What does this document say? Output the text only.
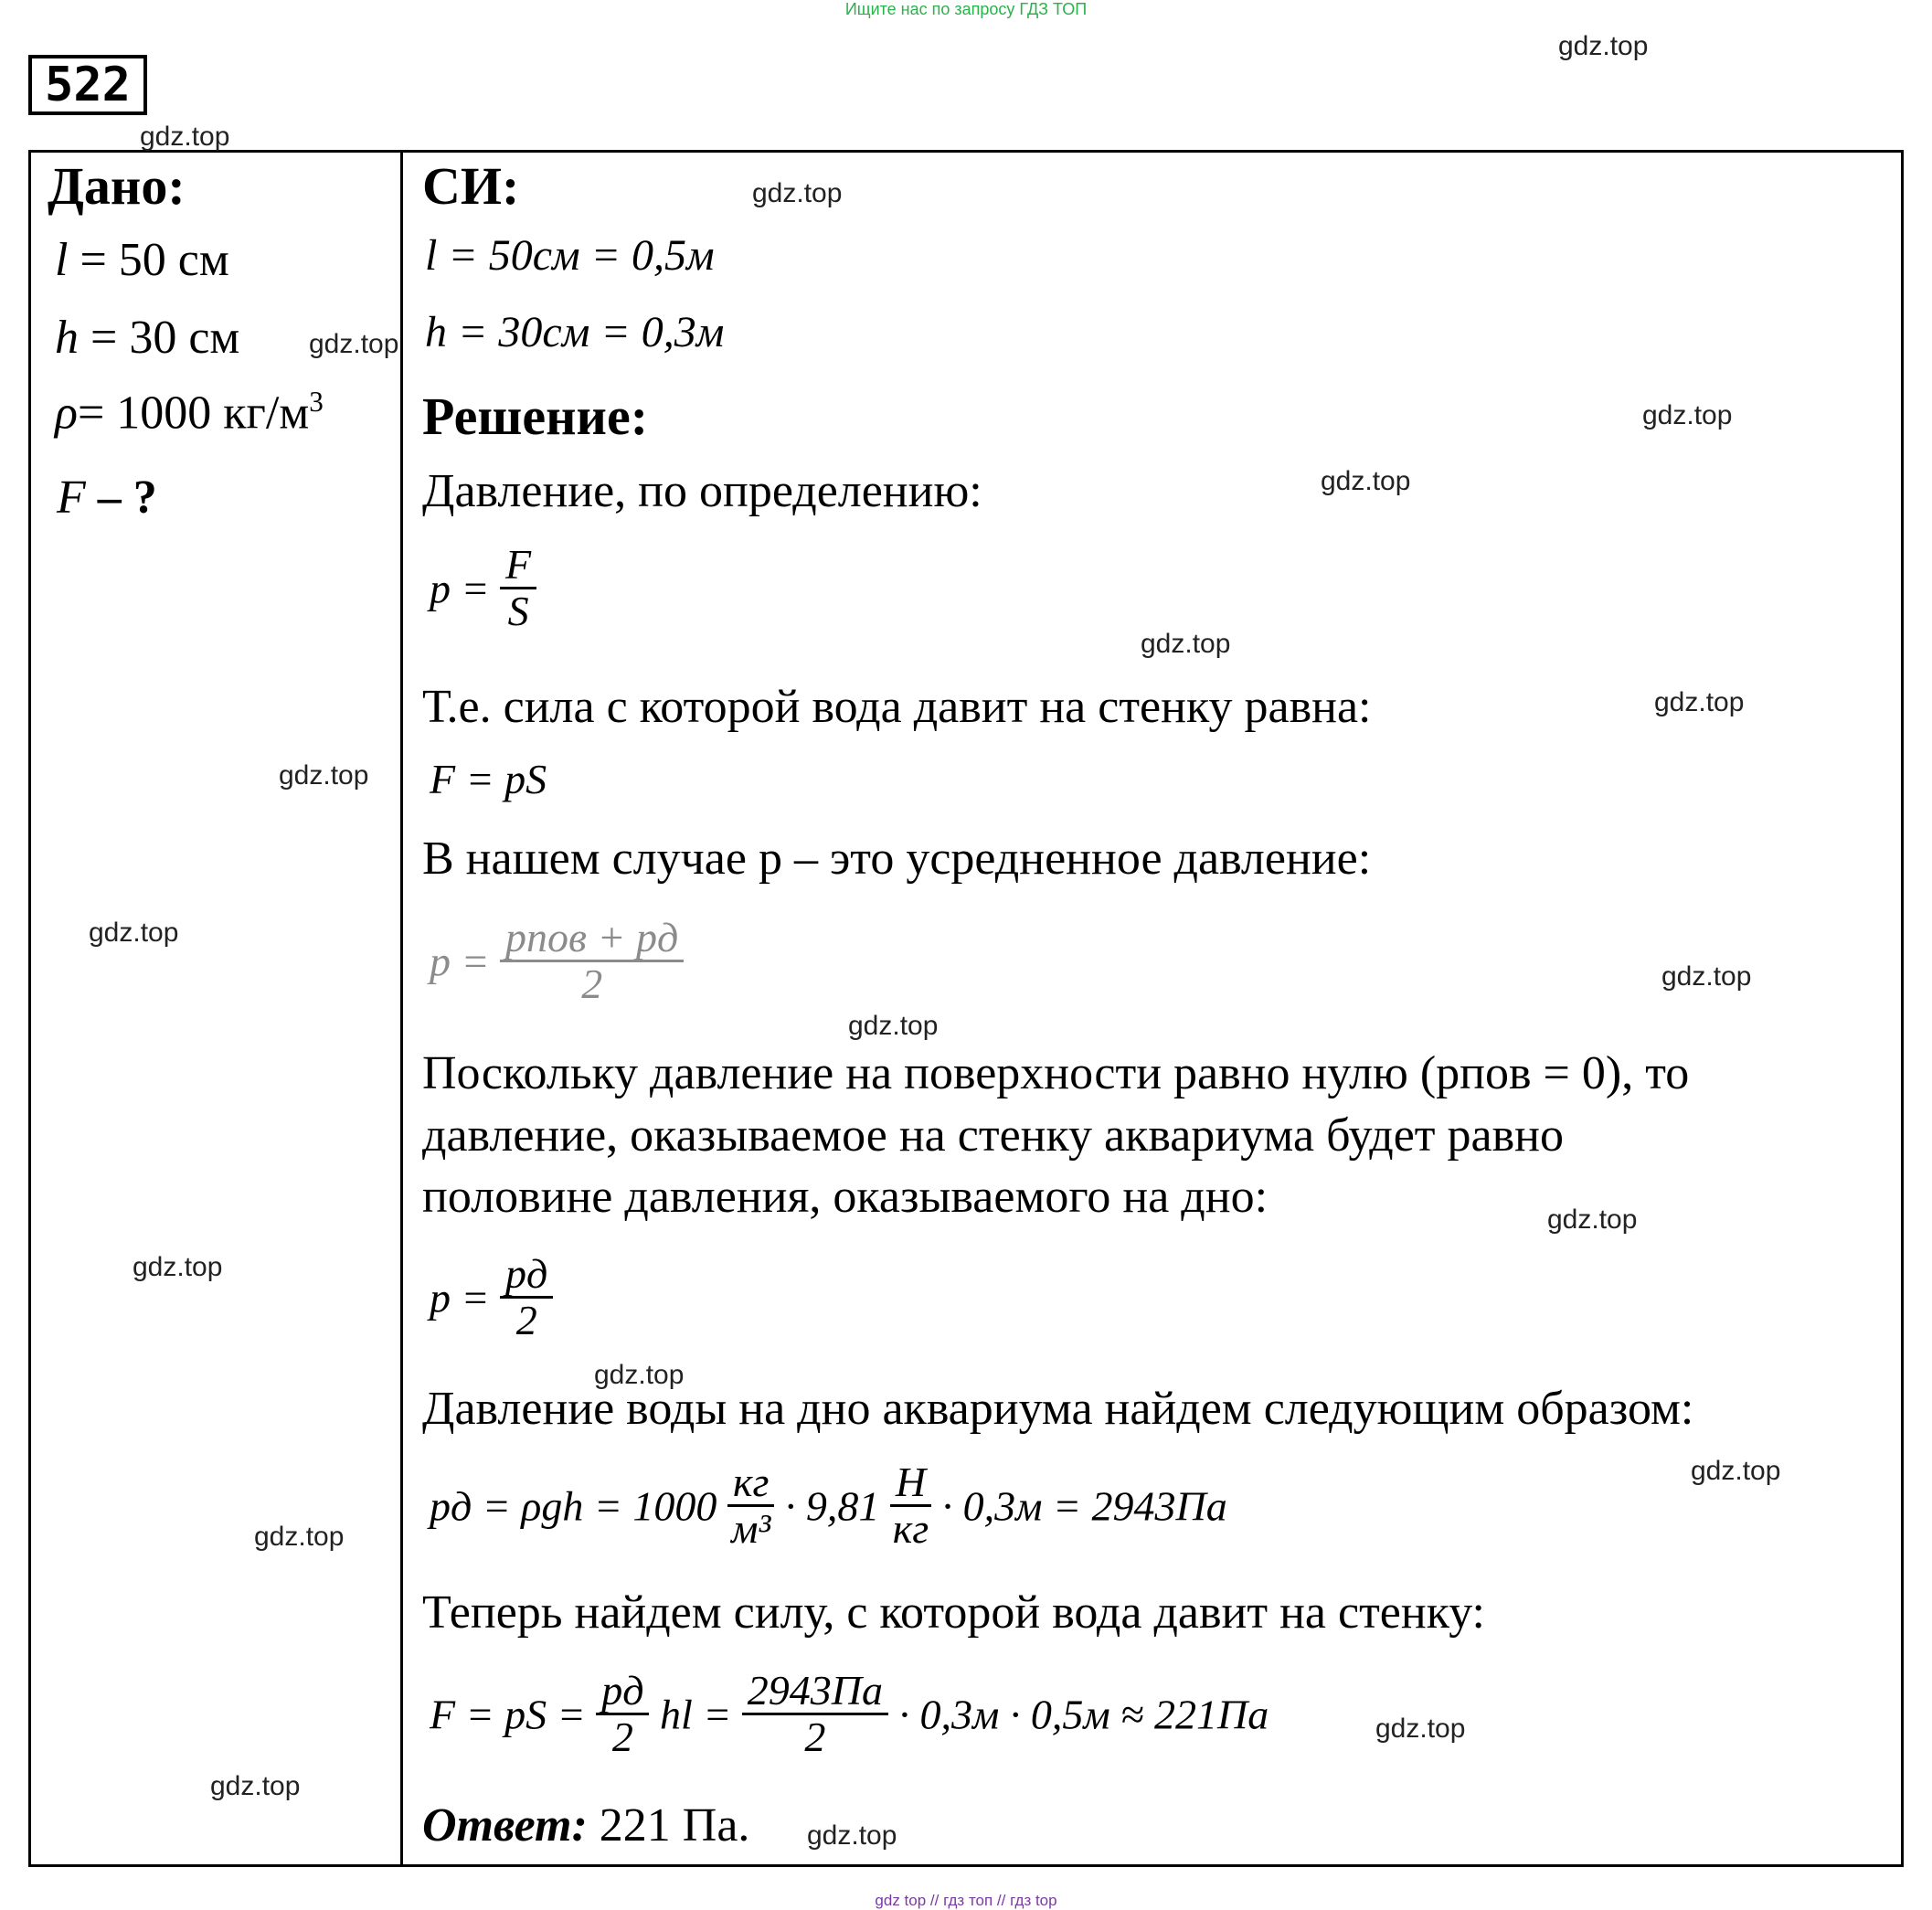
Ищите нас по запросу ГДЗ ТОП
522
Дано:
l = 50 см
h = 30 см
ρ= 1000 $кг/м^3$
F – ?
СИ:
l = 50см = 0,5м
h = 30см = 0,3м
Решение:
Давление, по определению:
$p = \frac{F}{S}$
Т.е. сила с которой вода давит на стенку равна:
F = pS
В нашем случае p – это усредненное давление:
$p = \frac{\text{pпов + pд}}{2}$
Поскольку давление на поверхности равно нулю (pпов = 0), то
давление, оказываемое на стенку аквариума будет равно
половине давления, оказываемого на дно:
$p = \frac{pд}{2}$
Давление воды на дно аквариума найдем следующим образом:
pд = $\rho gh = 1000 \frac{кг}{\text{м³}} \cdot 9,81 \frac{Н}{кг} \cdot 0,3м = 2943Па$
Теперь найдем силу, с которой вода давит на стенку:
F = pS = $\frac{pд}{2}$ hl = $\frac{2943Па}{2} \cdot 0,3м \cdot 0,5м \approx 221Па$
Ответ: 221 Па.
gdz.top
gdz.top
gdz.top
gdz.top
gdz.top
gdz.top
gdz.top
gdz.top
gdz.top
gdz.top
gdz.top
gdz.top
gdz.top
gdz.top
gdz.top
gdz.top
gdz.top
gdz.top
gdz.top
gdz.top
gdz top // гдз топ // гдз top
